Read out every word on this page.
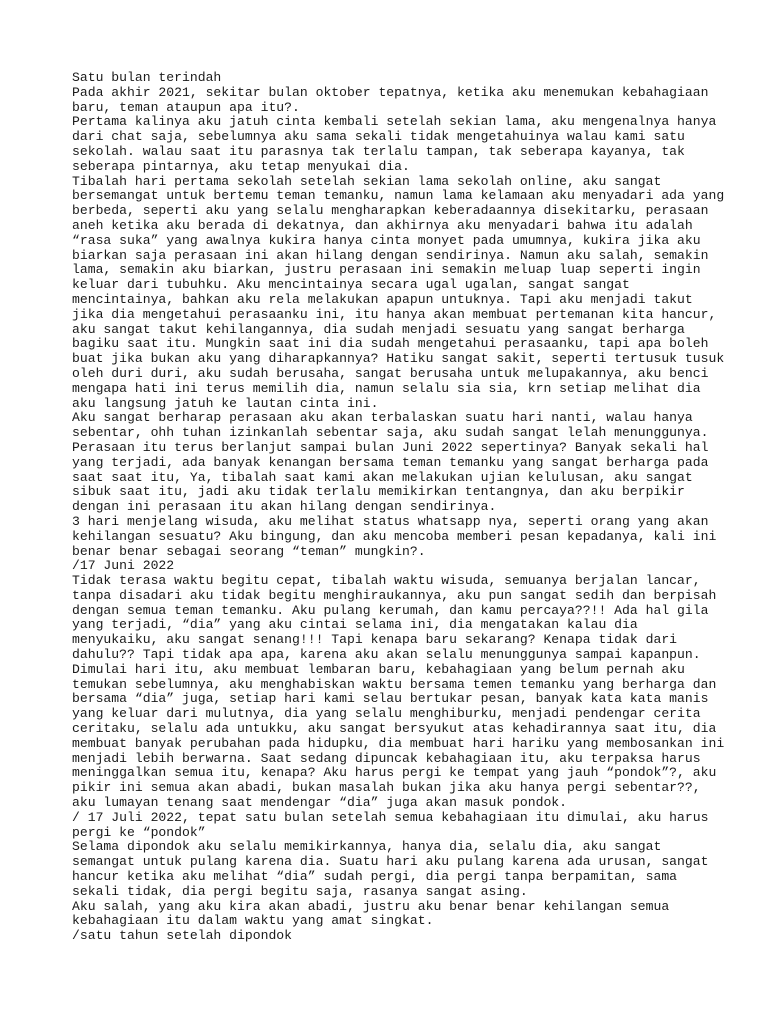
Satu bulan terindah
Pada akhir 2021, sekitar bulan oktober tepatnya, ketika aku menemukan kebahagiaan
baru, teman ataupun apa itu?.
Pertama kalinya aku jatuh cinta kembali setelah sekian lama, aku mengenalnya hanya
dari chat saja, sebelumnya aku sama sekali tidak mengetahuinya walau kami satu
sekolah. walau saat itu parasnya tak terlalu tampan, tak seberapa kayanya, tak
seberapa pintarnya, aku tetap menyukai dia.
Tibalah hari pertama sekolah setelah sekian lama sekolah online, aku sangat
bersemangat untuk bertemu teman temanku, namun lama kelamaan aku menyadari ada yang
berbeda, seperti aku yang selalu mengharapkan keberadaannya disekitarku, perasaan
aneh ketika aku berada di dekatnya, dan akhirnya aku menyadari bahwa itu adalah
“rasa suka” yang awalnya kukira hanya cinta monyet pada umumnya, kukira jika aku
biarkan saja perasaan ini akan hilang dengan sendirinya. Namun aku salah, semakin
lama, semakin aku biarkan, justru perasaan ini semakin meluap luap seperti ingin
keluar dari tubuhku. Aku mencintainya secara ugal ugalan, sangat sangat
mencintainya, bahkan aku rela melakukan apapun untuknya. Tapi aku menjadi takut
jika dia mengetahui perasaanku ini, itu hanya akan membuat pertemanan kita hancur,
aku sangat takut kehilangannya, dia sudah menjadi sesuatu yang sangat berharga
bagiku saat itu. Mungkin saat ini dia sudah mengetahui perasaanku, tapi apa boleh
buat jika bukan aku yang diharapkannya? Hatiku sangat sakit, seperti tertusuk tusuk
oleh duri duri, aku sudah berusaha, sangat berusaha untuk melupakannya, aku benci
mengapa hati ini terus memilih dia, namun selalu sia sia, krn setiap melihat dia
aku langsung jatuh ke lautan cinta ini.
Aku sangat berharap perasaan aku akan terbalaskan suatu hari nanti, walau hanya
sebentar, ohh tuhan izinkanlah sebentar saja, aku sudah sangat lelah menunggunya.
Perasaan itu terus berlanjut sampai bulan Juni 2022 sepertinya? Banyak sekali hal
yang terjadi, ada banyak kenangan bersama teman temanku yang sangat berharga pada
saat saat itu, Ya, tibalah saat kami akan melakukan ujian kelulusan, aku sangat
sibuk saat itu, jadi aku tidak terlalu memikirkan tentangnya, dan aku berpikir
dengan ini perasaan itu akan hilang dengan sendirinya.
3 hari menjelang wisuda, aku melihat status whatsapp nya, seperti orang yang akan
kehilangan sesuatu? Aku bingung, dan aku mencoba memberi pesan kepadanya, kali ini
benar benar sebagai seorang “teman” mungkin?.
/17 Juni 2022
Tidak terasa waktu begitu cepat, tibalah waktu wisuda, semuanya berjalan lancar,
tanpa disadari aku tidak begitu menghiraukannya, aku pun sangat sedih dan berpisah
dengan semua teman temanku. Aku pulang kerumah, dan kamu percaya??!! Ada hal gila
yang terjadi, “dia” yang aku cintai selama ini, dia mengatakan kalau dia
menyukaiku, aku sangat senang!!! Tapi kenapa baru sekarang? Kenapa tidak dari
dahulu?? Tapi tidak apa apa, karena aku akan selalu menunggunya sampai kapanpun.
Dimulai hari itu, aku membuat lembaran baru, kebahagiaan yang belum pernah aku
temukan sebelumnya, aku menghabiskan waktu bersama temen temanku yang berharga dan
bersama “dia” juga, setiap hari kami selau bertukar pesan, banyak kata kata manis
yang keluar dari mulutnya, dia yang selalu menghiburku, menjadi pendengar cerita
ceritaku, selalu ada untukku, aku sangat bersyukut atas kehadirannya saat itu, dia
membuat banyak perubahan pada hidupku, dia membuat hari hariku yang membosankan ini
menjadi lebih berwarna. Saat sedang dipuncak kebahagiaan itu, aku terpaksa harus
meninggalkan semua itu, kenapa? Aku harus pergi ke tempat yang jauh “pondok”?, aku
pikir ini semua akan abadi, bukan masalah bukan jika aku hanya pergi sebentar??,
aku lumayan tenang saat mendengar “dia” juga akan masuk pondok.
/ 17 Juli 2022, tepat satu bulan setelah semua kebahagiaan itu dimulai, aku harus
pergi ke “pondok”
Selama dipondok aku selalu memikirkannya, hanya dia, selalu dia, aku sangat
semangat untuk pulang karena dia. Suatu hari aku pulang karena ada urusan, sangat
hancur ketika aku melihat “dia” sudah pergi, dia pergi tanpa berpamitan, sama
sekali tidak, dia pergi begitu saja, rasanya sangat asing.
Aku salah, yang aku kira akan abadi, justru aku benar benar kehilangan semua
kebahagiaan itu dalam waktu yang amat singkat.
/satu tahun setelah dipondok
